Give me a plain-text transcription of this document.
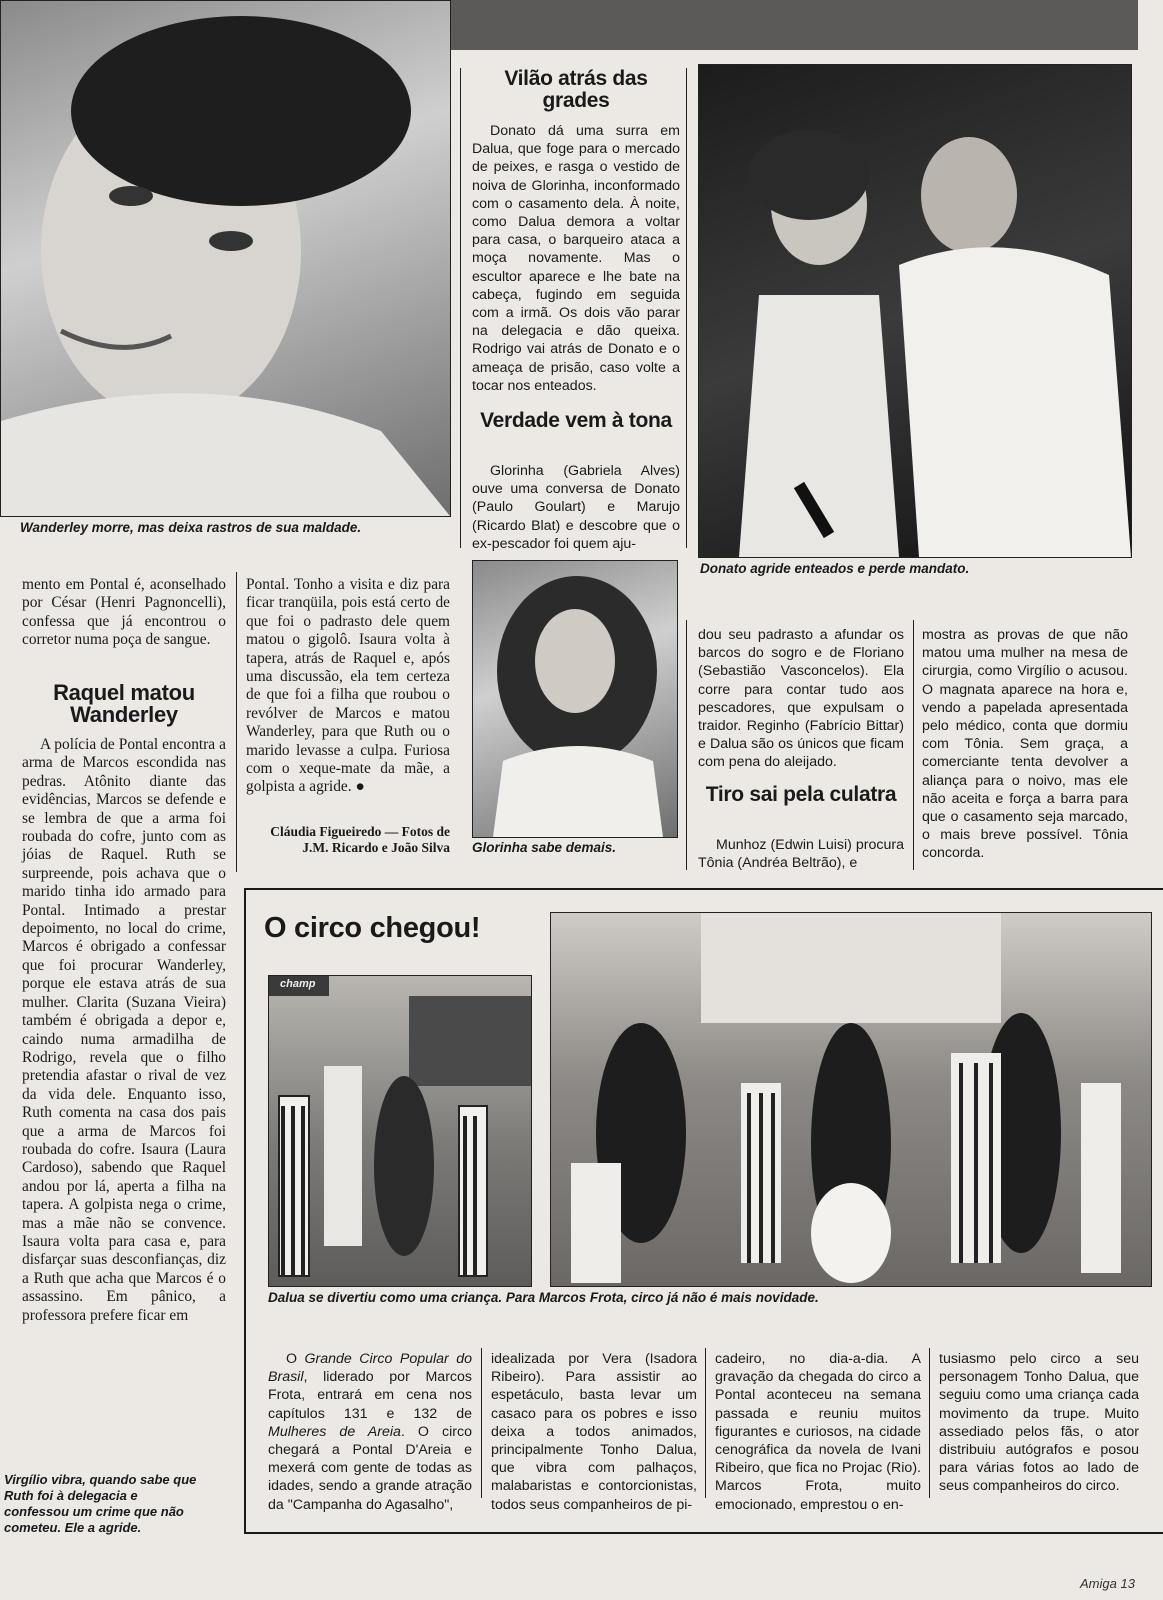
Wanderley morre, mas deixa rastros de sua maldade.
Vilão atrás das grades

Donato dá uma surra em Dalua, que foge para o mercado de peixes, e rasga o vestido de noiva de Glorinha, inconformado com o casamento dela. À noite, como Dalua demora a voltar para casa, o barqueiro ataca a moça novamente. Mas o escultor aparece e lhe bate na cabeça, fugindo em seguida com a irmã. Os dois vão parar na delegacia e dão queixa. Rodrigo vai atrás de Donato e o ameaça de prisão, caso volte a tocar nos enteados.

Verdade vem à tona

Glorinha (Gabriela Alves) ouve uma conversa de Donato (Paulo Goulart) e Marujo (Ricardo Blat) e descobre que o ex-pescador foi quem aju-

Donato agride enteados e perde mandato.

mento em Pontal é, aconselhado por César (Henri Pagnoncelli), confessa que já encontrou o corretor numa poça de sangue.

Raquel matou Wanderley

A polícia de Pontal encontra a arma de Marcos escondida nas pedras. Atônito diante das evidências, Marcos se defende e se lembra de que a arma foi roubada do cofre, junto com as jóias de Raquel. Ruth se surpreende, pois achava que o marido tinha ido armado para Pontal. Intimado a prestar depoimento, no local do crime, Marcos é obrigado a confessar que foi procurar Wanderley, porque ele estava atrás de sua mulher. Clarita (Suzana Vieira) também é obrigada a depor e, caindo numa armadilha de Rodrigo, revela que o filho pretendia afastar o rival de vez da vida dele. Enquanto isso, Ruth comenta na casa dos pais que a arma de Marcos foi roubada do cofre. Isaura (Laura Cardoso), sabendo que Raquel andou por lá, aperta a filha na tapera. A golpista nega o crime, mas a mãe não se convence. Isaura volta para casa e, para disfarçar suas desconfianças, diz a Ruth que acha que Marcos é o assassino. Em pânico, a professora prefere ficar em

Pontal. Tonho a visita e diz para ficar tranqüila, pois está certo de que foi o padrasto dele quem matou o gigolô. Isaura volta à tapera, atrás de Raquel e, após uma discussão, ela tem certeza de que foi a filha que roubou o revólver de Marcos e matou Wanderley, para que Ruth ou o marido levasse a culpa. Furiosa com o xeque-mate da mãe, a golpista a agride. ●

Cláudia Figueiredo — Fotos de J.M. Ricardo e João Silva Glorinha sabe demais.

dou seu padrasto a afundar os barcos do sogro e de Floriano (Sebastião Vasconcelos). Ela corre para contar tudo aos pescadores, que expulsam o traidor. Reginho (Fabrício Bittar) e Dalua são os únicos que ficam com pena do aleijado.

Tiro sai pela culatra

Munhoz (Edwin Luisi) procura Tônia (Andréa Beltrão), e

mostra as provas de que não matou uma mulher na mesa de cirurgia, como Virgílio o acusou. O magnata aparece na hora e, vendo a papelada apresentada pelo médico, conta que dormiu com Tônia. Sem graça, a comerciante tenta devolver a aliança para o noivo, mas ele não aceita e força a barra para que o casamento seja marcado, o mais breve possível. Tônia concorda.

Virgílio vibra, quando sabe que Ruth foi à delegacia e confessou um crime que não cometeu. Ele a agride.
O circo chegou!
champ
Dalua se divertiu como uma criança. Para Marcos Frota, circo já não é mais novidade.

O Grande Circo Popular do Brasil, liderado por Marcos Frota, entrará em cena nos capítulos 131 e 132 de Mulheres de Areia. O circo chegará a Pontal D'Areia e mexerá com gente de todas as idades, sendo a grande atração da "Campanha do Agasalho",

idealizada por Vera (Isadora Ribeiro). Para assistir ao espetáculo, basta levar um casaco para os pobres e isso deixa a todos animados, principalmente Tonho Dalua, que vibra com palhaços, malabaristas e contorcionistas, todos seus companheiros de pi-

cadeiro, no dia-a-dia. A gravação da chegada do circo a Pontal aconteceu na semana passada e reuniu muitos figurantes e curiosos, na cidade cenográfica da novela de Ivani Ribeiro, que fica no Projac (Rio). Marcos Frota, muito emocionado, emprestou o en-

tusiasmo pelo circo a seu personagem Tonho Dalua, que seguiu como uma criança cada movimento da trupe. Muito assediado pelos fãs, o ator distribuiu autógrafos e posou para várias fotos ao lado de seus companheiros do circo.

Amiga 13
